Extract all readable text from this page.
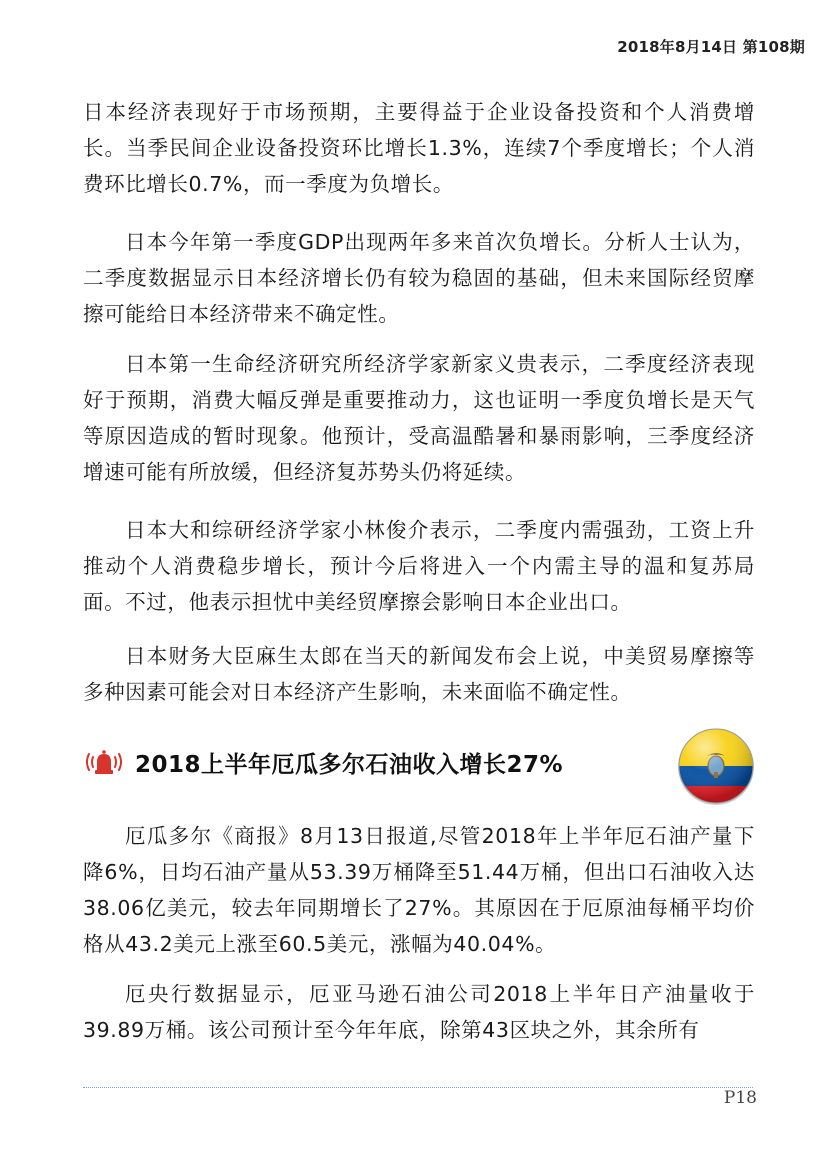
2018年8月14日 第108期

日本经济表现好于市场预期，主要得益于企业设备投资和个人消费增长。当季民间企业设备投资环比增长1.3%，连续7个季度增长；个人消费环比增长0.7%，而一季度为负增长。

日本今年第一季度GDP出现两年多来首次负增长。分析人士认为，二季度数据显示日本经济增长仍有较为稳固的基础，但未来国际经贸摩擦可能给日本经济带来不确定性。

日本第一生命经济研究所经济学家新家义贵表示，二季度经济表现好于预期，消费大幅反弹是重要推动力，这也证明一季度负增长是天气等原因造成的暂时现象。他预计，受高温酷暑和暴雨影响，三季度经济增速可能有所放缓，但经济复苏势头仍将延续。

日本大和综研经济学家小林俊介表示，二季度内需强劲，工资上升推动个人消费稳步增长，预计今后将进入一个内需主导的温和复苏局面。不过，他表示担忧中美经贸摩擦会影响日本企业出口。

日本财务大臣麻生太郎在当天的新闻发布会上说，中美贸易摩擦等多种因素可能会对日本经济产生影响，未来面临不确定性。

2018上半年厄瓜多尔石油收入增长27%

厄瓜多尔《商报》8月13日报道,尽管2018年上半年厄石油产量下降6%，日均石油产量从53.39万桶降至51.44万桶，但出口石油收入达38.06亿美元，较去年同期增长了27%。其原因在于厄原油每桶平均价格从43.2美元上涨至60.5美元，涨幅为40.04%。

厄央行数据显示，厄亚马逊石油公司2018上半年日产油量收于39.89万桶。该公司预计至今年年底，除第43区块之外，其余所有

P18
